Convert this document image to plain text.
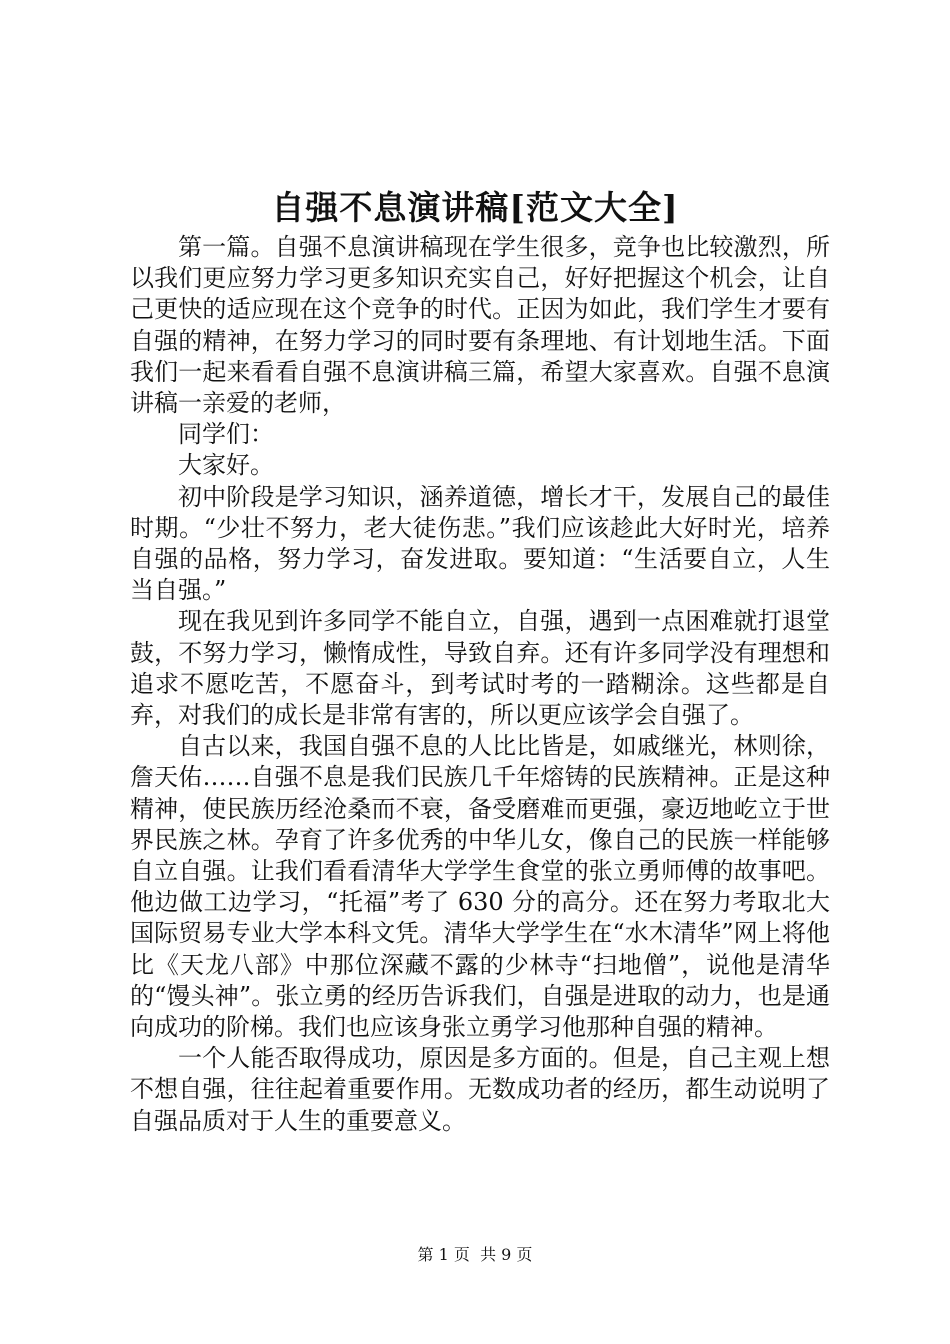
自强不息演讲稿[范文大全]

第一篇。自强不息演讲稿现在学生很多，竞争也比较激烈，所以我们更应努力学习更多知识充实自己，好好把握这个机会，让自己更快的适应现在这个竞争的时代。正因为如此，我们学生才要有自强的精神，在努力学习的同时要有条理地、有计划地生活。下面我们一起来看看自强不息演讲稿三篇，希望大家喜欢。自强不息演讲稿一亲爱的老师，

同学们：

大家好。

初中阶段是学习知识，涵养道德，增长才干，发展自己的最佳时期。“少壮不努力，老大徒伤悲。”我们应该趁此大好时光，培养自强的品格，努力学习，奋发进取。要知道：“生活要自立，人生当自强。”

现在我见到许多同学不能自立，自强，遇到一点困难就打退堂鼓，不努力学习，懒惰成性，导致自弃。还有许多同学没有理想和追求不愿吃苦，不愿奋斗，到考试时考的一踏糊涂。这些都是自弃，对我们的成长是非常有害的，所以更应该学会自强了。

自古以来，我国自强不息的人比比皆是，如戚继光，林则徐，詹天佑……自强不息是我们民族几千年熔铸的民族精神。正是这种精神，使民族历经沧桑而不衰，备受磨难而更强，豪迈地屹立于世界民族之林。孕育了许多优秀的中华儿女，像自己的民族一样能够自立自强。让我们看看清华大学学生食堂的张立勇师傅的故事吧。他边做工边学习，“托福”考了 630 分的高分。还在努力考取北大国际贸易专业大学本科文凭。清华大学学生在“水木清华”网上将他比《天龙八部》中那位深藏不露的少林寺“扫地僧”，说他是清华的“馒头神”。张立勇的经历告诉我们，自强是进取的动力，也是通向成功的阶梯。我们也应该身张立勇学习他那种自强的精神。

一个人能否取得成功，原因是多方面的。但是，自己主观上想不想自强，往往起着重要作用。无数成功者的经历，都生动说明了自强品质对于人生的重要意义。

第 1 页  共 9 页
